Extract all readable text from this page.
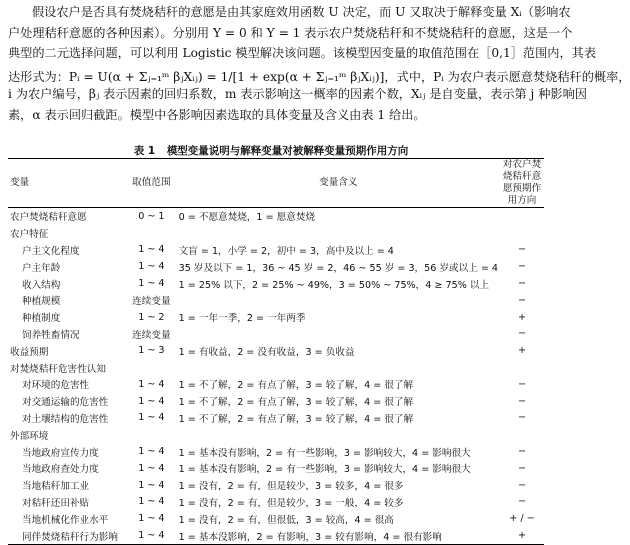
假设农户是否具有焚烧秸秆的意愿是由其家庭效用函数 U 决定，而 U 又取决于解释变量 Xᵢ（影响农
户处理秸秆意愿的各种因素）。分别用 Y = 0 和 Y = 1 表示农户焚烧秸秆和不焚烧秸秆的意愿，这是一个
典型的二元选择问题，可以利用 Logistic 模型解决该问题。该模型因变量的取值范围在［0,1］范围内，其表
达形式为：Pᵢ = U(α + Σⱼ₌₁ᵐ βⱼXᵢⱼ) = 1/[1 + exp(α + Σⱼ₌₁ᵐ βⱼXᵢⱼ)]，式中，Pᵢ 为农户表示愿意焚烧秸秆的概率，
i 为农户编号，βⱼ 表示因素的回归系数，m 表示影响这一概率的因素个数，Xᵢⱼ 是自变量，表示第 j 种影响因
素，α 表示回归截距。模型中各影响因素选取的具体变量及含义由表 1 给出。
表 1 模型变量说明与解释变量对被解释变量预期作用方向
变量	取值范围	变量含义	对农户焚烧秸秆意愿预期作用方向
农户焚烧秸秆意愿	0 ~ 1	0 = 不愿意焚烧，1 = 愿意焚烧	
农户特征			
户主文化程度	1 ~ 4	文盲 = 1，小学 = 2，初中 = 3，高中及以上 = 4	−
户主年龄	1 ~ 4	35 岁及以下 = 1，36 ~ 45 岁 = 2，46 ~ 55 岁 = 3，56 岁或以上 = 4	−
收入结构	1 ~ 4	1 = 25% 以下，2 = 25% ~ 49%，3 = 50% ~ 75%，4 ≥ 75% 以上	−
种植规模	连续变量		−
种植制度	1 ~ 2	1 = 一年一季，2 = 一年两季	+
饲养牲畜情况	连续变量		−
收益预期	1 ~ 3	1 = 有收益，2 = 没有收益，3 = 负收益	+
对焚烧秸秆危害性认知			
对环境的危害性	1 ~ 4	1 = 不了解，2 = 有点了解，3 = 较了解，4 = 很了解	−
对交通运输的危害性	1 ~ 4	1 = 不了解，2 = 有点了解，3 = 较了解，4 = 很了解	−
对土壤结构的危害性	1 ~ 4	1 = 不了解，2 = 有点了解，3 = 较了解，4 = 很了解	−
外部环境			
当地政府宣传力度	1 ~ 4	1 = 基本没有影响，2 = 有一些影响，3 = 影响较大，4 = 影响很大	−
当地政府查处力度	1 ~ 4	1 = 基本没有影响，2 = 有一些影响，3 = 影响较大，4 = 影响很大	−
当地秸秆加工业	1 ~ 4	1 = 没有，2 = 有，但是较少，3 = 较多，4 = 很多	−
对秸秆还田补贴	1 ~ 4	1 = 没有，2 = 有，但是较少，3 = 一般，4 = 较多	−
当地机械化作业水平	1 ~ 4	1 = 没有，2 = 有，但很低，3 = 较高，4 = 很高	+ / −
同伴焚烧秸秆行为影响	1 ~ 4	1 = 基本没影响，2 = 有影响，3 = 较有影响，4 = 很有影响	+
